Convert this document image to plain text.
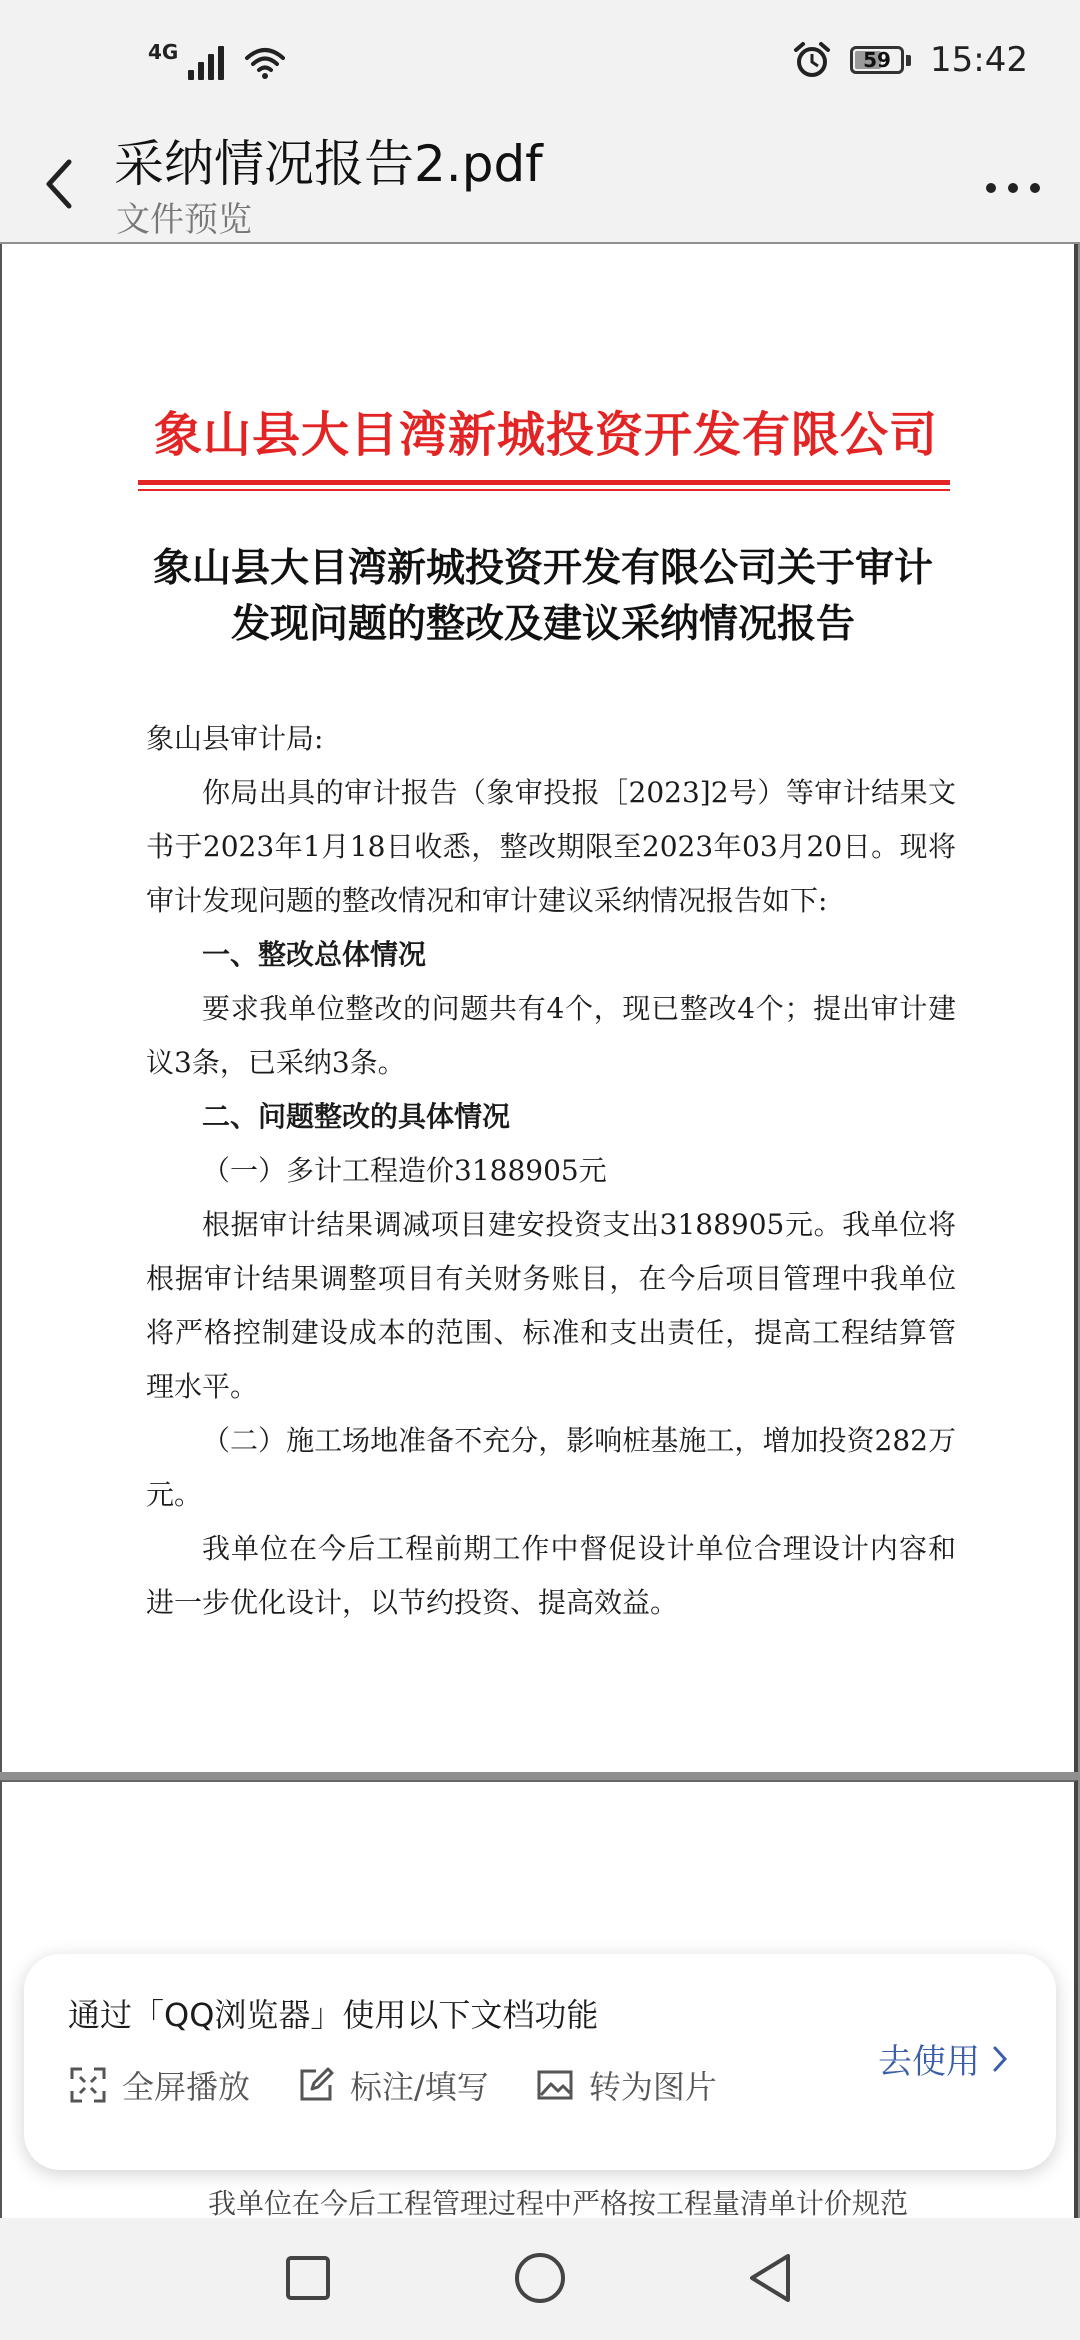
4G	59 15:42
采纳情况报告2.pdf
文件预览
象山县大目湾新城投资开发有限公司
象山县大目湾新城投资开发有限公司关于审计
发现问题的整改及建议采纳情况报告

象山县审计局:

你局出具的审计报告（象审投报［2023]2号）等审计结果文书于2023年1月18日收悉，整改期限至2023年03月20日。现将审计发现问题的整改情况和审计建议采纳情况报告如下:

一、整改总体情况

要求我单位整改的问题共有4个，现已整改4个；提出审计建议3条，已采纳3条。

二、问题整改的具体情况

（一）多计工程造价3188905元

根据审计结果调减项目建安投资支出3188905元。我单位将根据审计结果调整项目有关财务账目，在今后项目管理中我单位将严格控制建设成本的范围、标准和支出责任，提高工程结算管理水平。

（二）施工场地准备不充分，影响桩基施工，增加投资282万元。

我单位在今后工程前期工作中督促设计单位合理设计内容和进一步优化设计，以节约投资、提高效益。

我单位在今后工程管理过程中严格按工程量清单计价规范
通过「QQ浏览器」使用以下文档功能
全屏播放	标注/填写	转为图片
去使用
